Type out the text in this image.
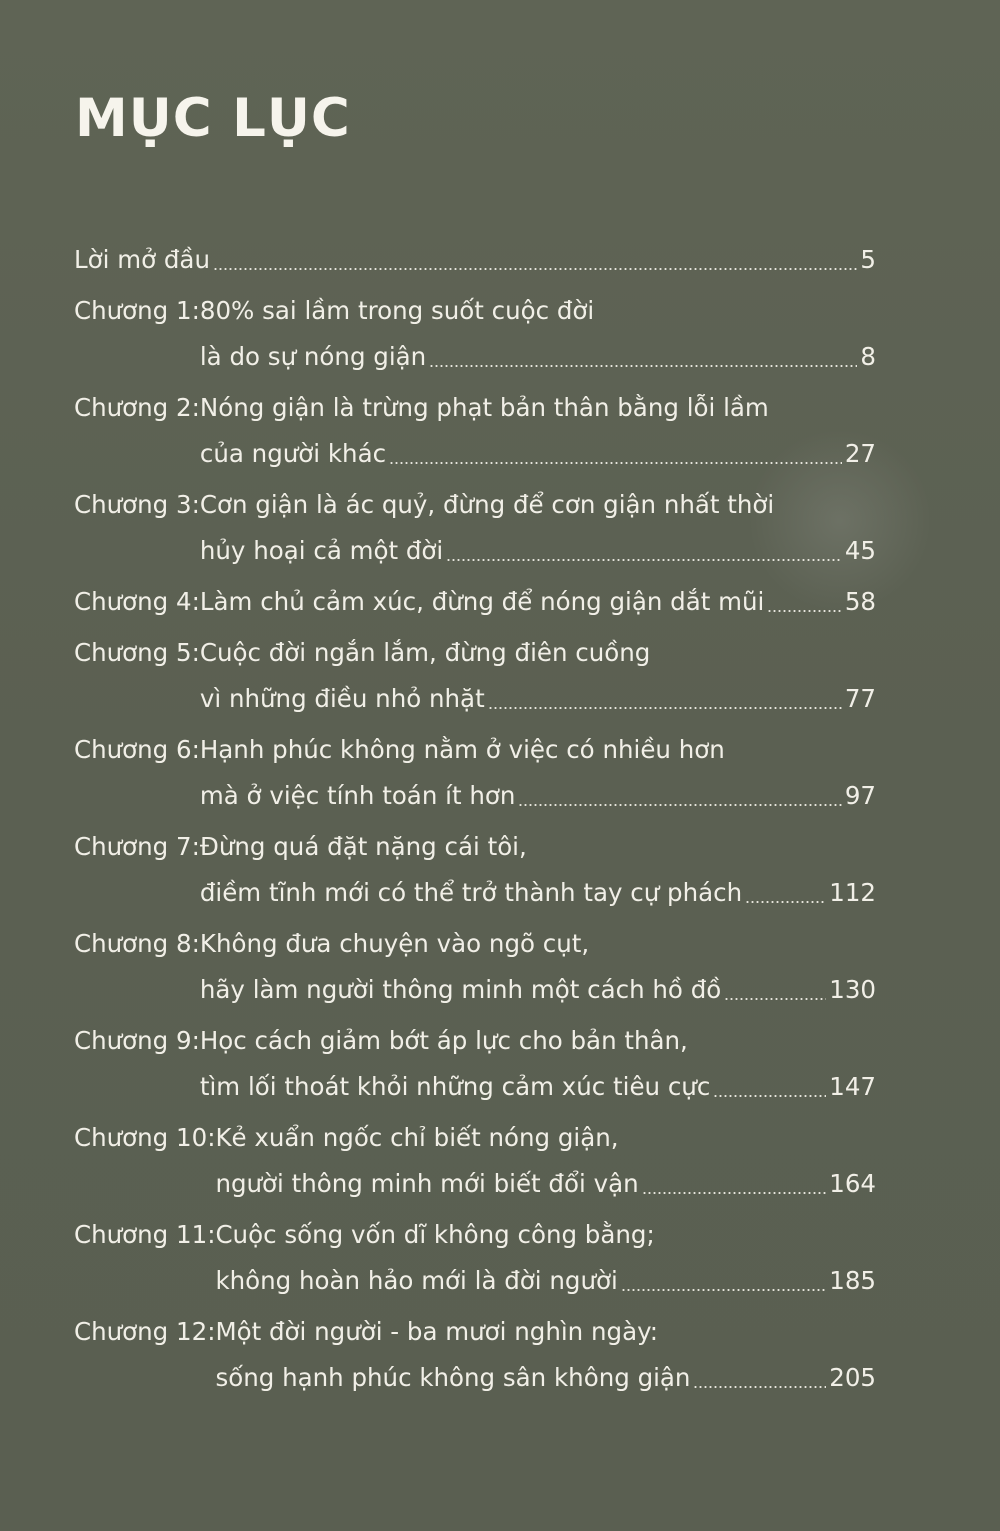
MỤC LỤC
Lời mở đầu	5
Chương 1: 80% sai lầm trong suốt cuộc đời
là do sự nóng giận	8
Chương 2: Nóng giận là trừng phạt bản thân bằng lỗi lầm
của người khác	27
Chương 3: Cơn giận là ác quỷ, đừng để cơn giận nhất thời
hủy hoại cả một đời	45
Chương 4: Làm chủ cảm xúc, đừng để nóng giận dắt mũi	58
Chương 5: Cuộc đời ngắn lắm, đừng điên cuồng
vì những điều nhỏ nhặt	77
Chương 6: Hạnh phúc không nằm ở việc có nhiều hơn
mà ở việc tính toán ít hơn	97
Chương 7: Đừng quá đặt nặng cái tôi,
điềm tĩnh mới có thể trở thành tay cự phách	112
Chương 8: Không đưa chuyện vào ngõ cụt,
hãy làm người thông minh một cách hồ đồ	130
Chương 9: Học cách giảm bớt áp lực cho bản thân,
tìm lối thoát khỏi những cảm xúc tiêu cực	147
Chương 10: Kẻ xuẩn ngốc chỉ biết nóng giận,
người thông minh mới biết đổi vận	164
Chương 11: Cuộc sống vốn dĩ không công bằng;
không hoàn hảo mới là đời người	185
Chương 12: Một đời người - ba mươi nghìn ngày:
sống hạnh phúc không sân không giận	205
